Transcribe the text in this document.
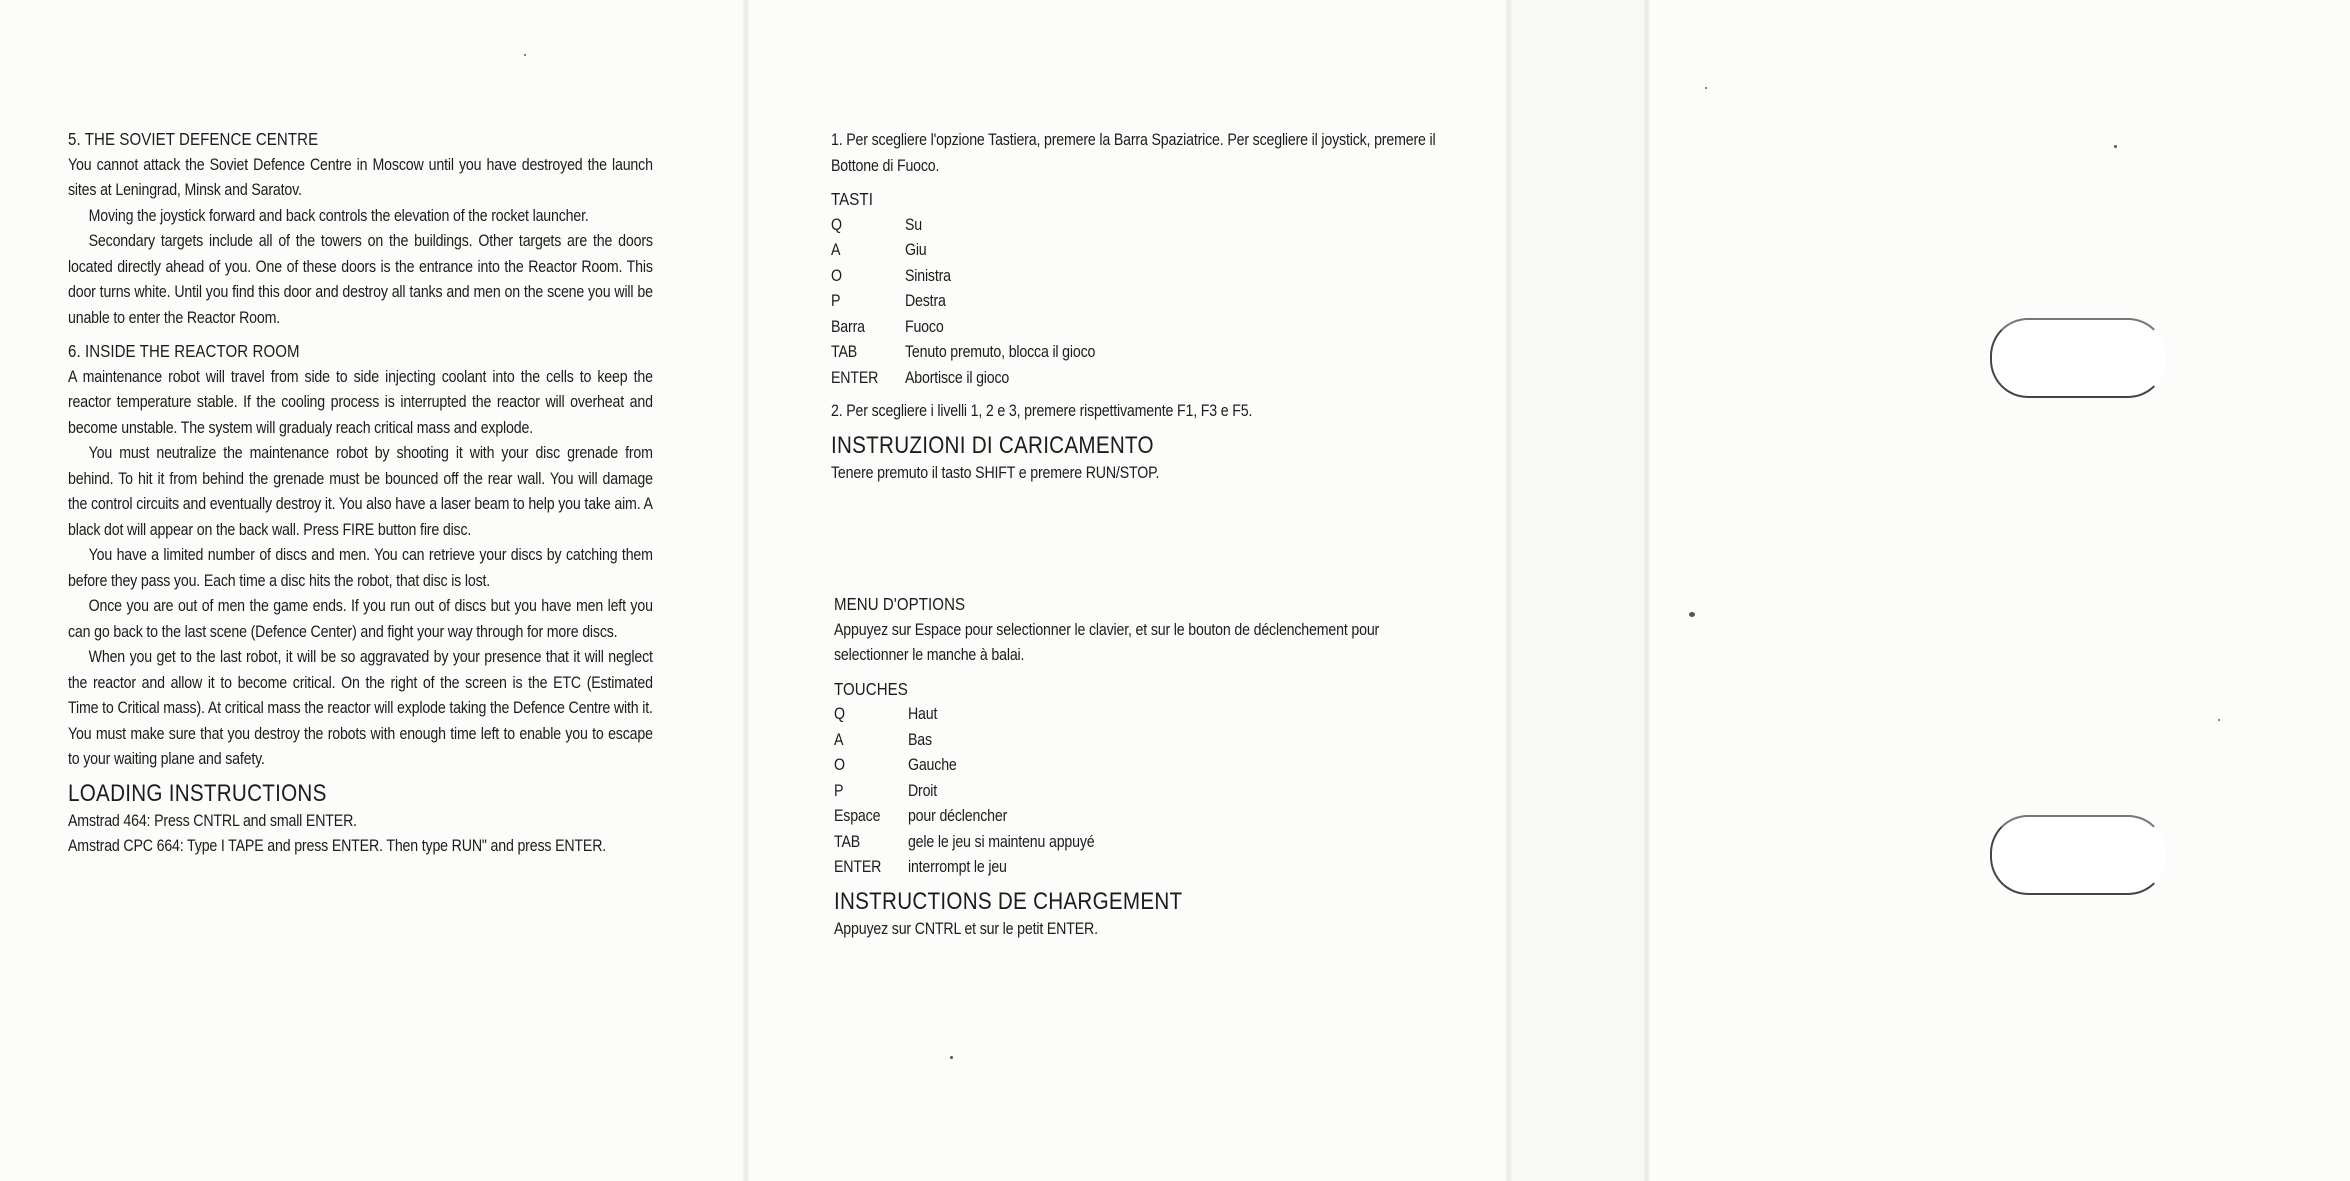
5. THE SOVIET DEFENCE CENTRE

You cannot attack the Soviet Defence Centre in Moscow until you have destroyed the launch sites at Leningrad, Minsk and Saratov.

Moving the joystick forward and back controls the elevation of the rocket launcher.

Secondary targets include all of the towers on the buildings. Other targets are the doors located directly ahead of you. One of these doors is the entrance into the Reactor Room. This door turns white. Until you find this door and destroy all tanks and men on the scene you will be unable to enter the Reactor Room.

6. INSIDE THE REACTOR ROOM

A maintenance robot will travel from side to side injecting coolant into the cells to keep the reactor temperature stable. If the cooling process is interrupted the reactor will overheat and become unstable. The system will gradualy reach critical mass and explode.

You must neutralize the maintenance robot by shooting it with your disc grenade from behind. To hit it from behind the grenade must be bounced off the rear wall. You will damage the control circuits and eventually destroy it. You also have a laser beam to help you take aim. A black dot will appear on the back wall. Press FIRE button fire disc.

You have a limited number of discs and men. You can retrieve your discs by catching them before they pass you. Each time a disc hits the robot, that disc is lost.

Once you are out of men the game ends. If you run out of discs but you have men left you can go back to the last scene (Defence Center) and fight your way through for more discs.

When you get to the last robot, it will be so aggravated by your presence that it will neglect the reactor and allow it to become critical. On the right of the screen is the ETC (Estimated Time to Critical mass). At critical mass the reactor will explode taking the Defence Centre with it. You must make sure that you destroy the robots with enough time left to enable you to escape to your waiting plane and safety.

LOADING INSTRUCTIONS

Amstrad 464: Press CNTRL and small ENTER.

Amstrad CPC 664: Type I TAPE and press ENTER. Then type RUN" and press ENTER.

1. Per scegliere l'opzione Tastiera, premere la Barra Spaziatrice. Per scegliere il joystick, premere il Bottone di Fuoco.

TASTI
Q	Su
A	Giu
O	Sinistra
P	Destra
Barra	Fuoco
TAB	Tenuto premuto, blocca il gioco
ENTER	Abortisce il gioco

2. Per scegliere i livelli 1, 2 e 3, premere rispettivamente F1, F3 e F5.

INSTRUZIONI DI CARICAMENTO

Tenere premuto il tasto SHIFT e premere RUN/STOP.

MENU D'OPTIONS

Appuyez sur Espace pour selectionner le clavier, et sur le bouton de déclenchement pour selectionner le manche à balai.

TOUCHES
Q	Haut
A	Bas
O	Gauche
P	Droit
Espace	pour déclencher
TAB	gele le jeu si maintenu appuyé
ENTER	interrompt le jeu
INSTRUCTIONS DE CHARGEMENT

Appuyez sur CNTRL et sur le petit ENTER.
